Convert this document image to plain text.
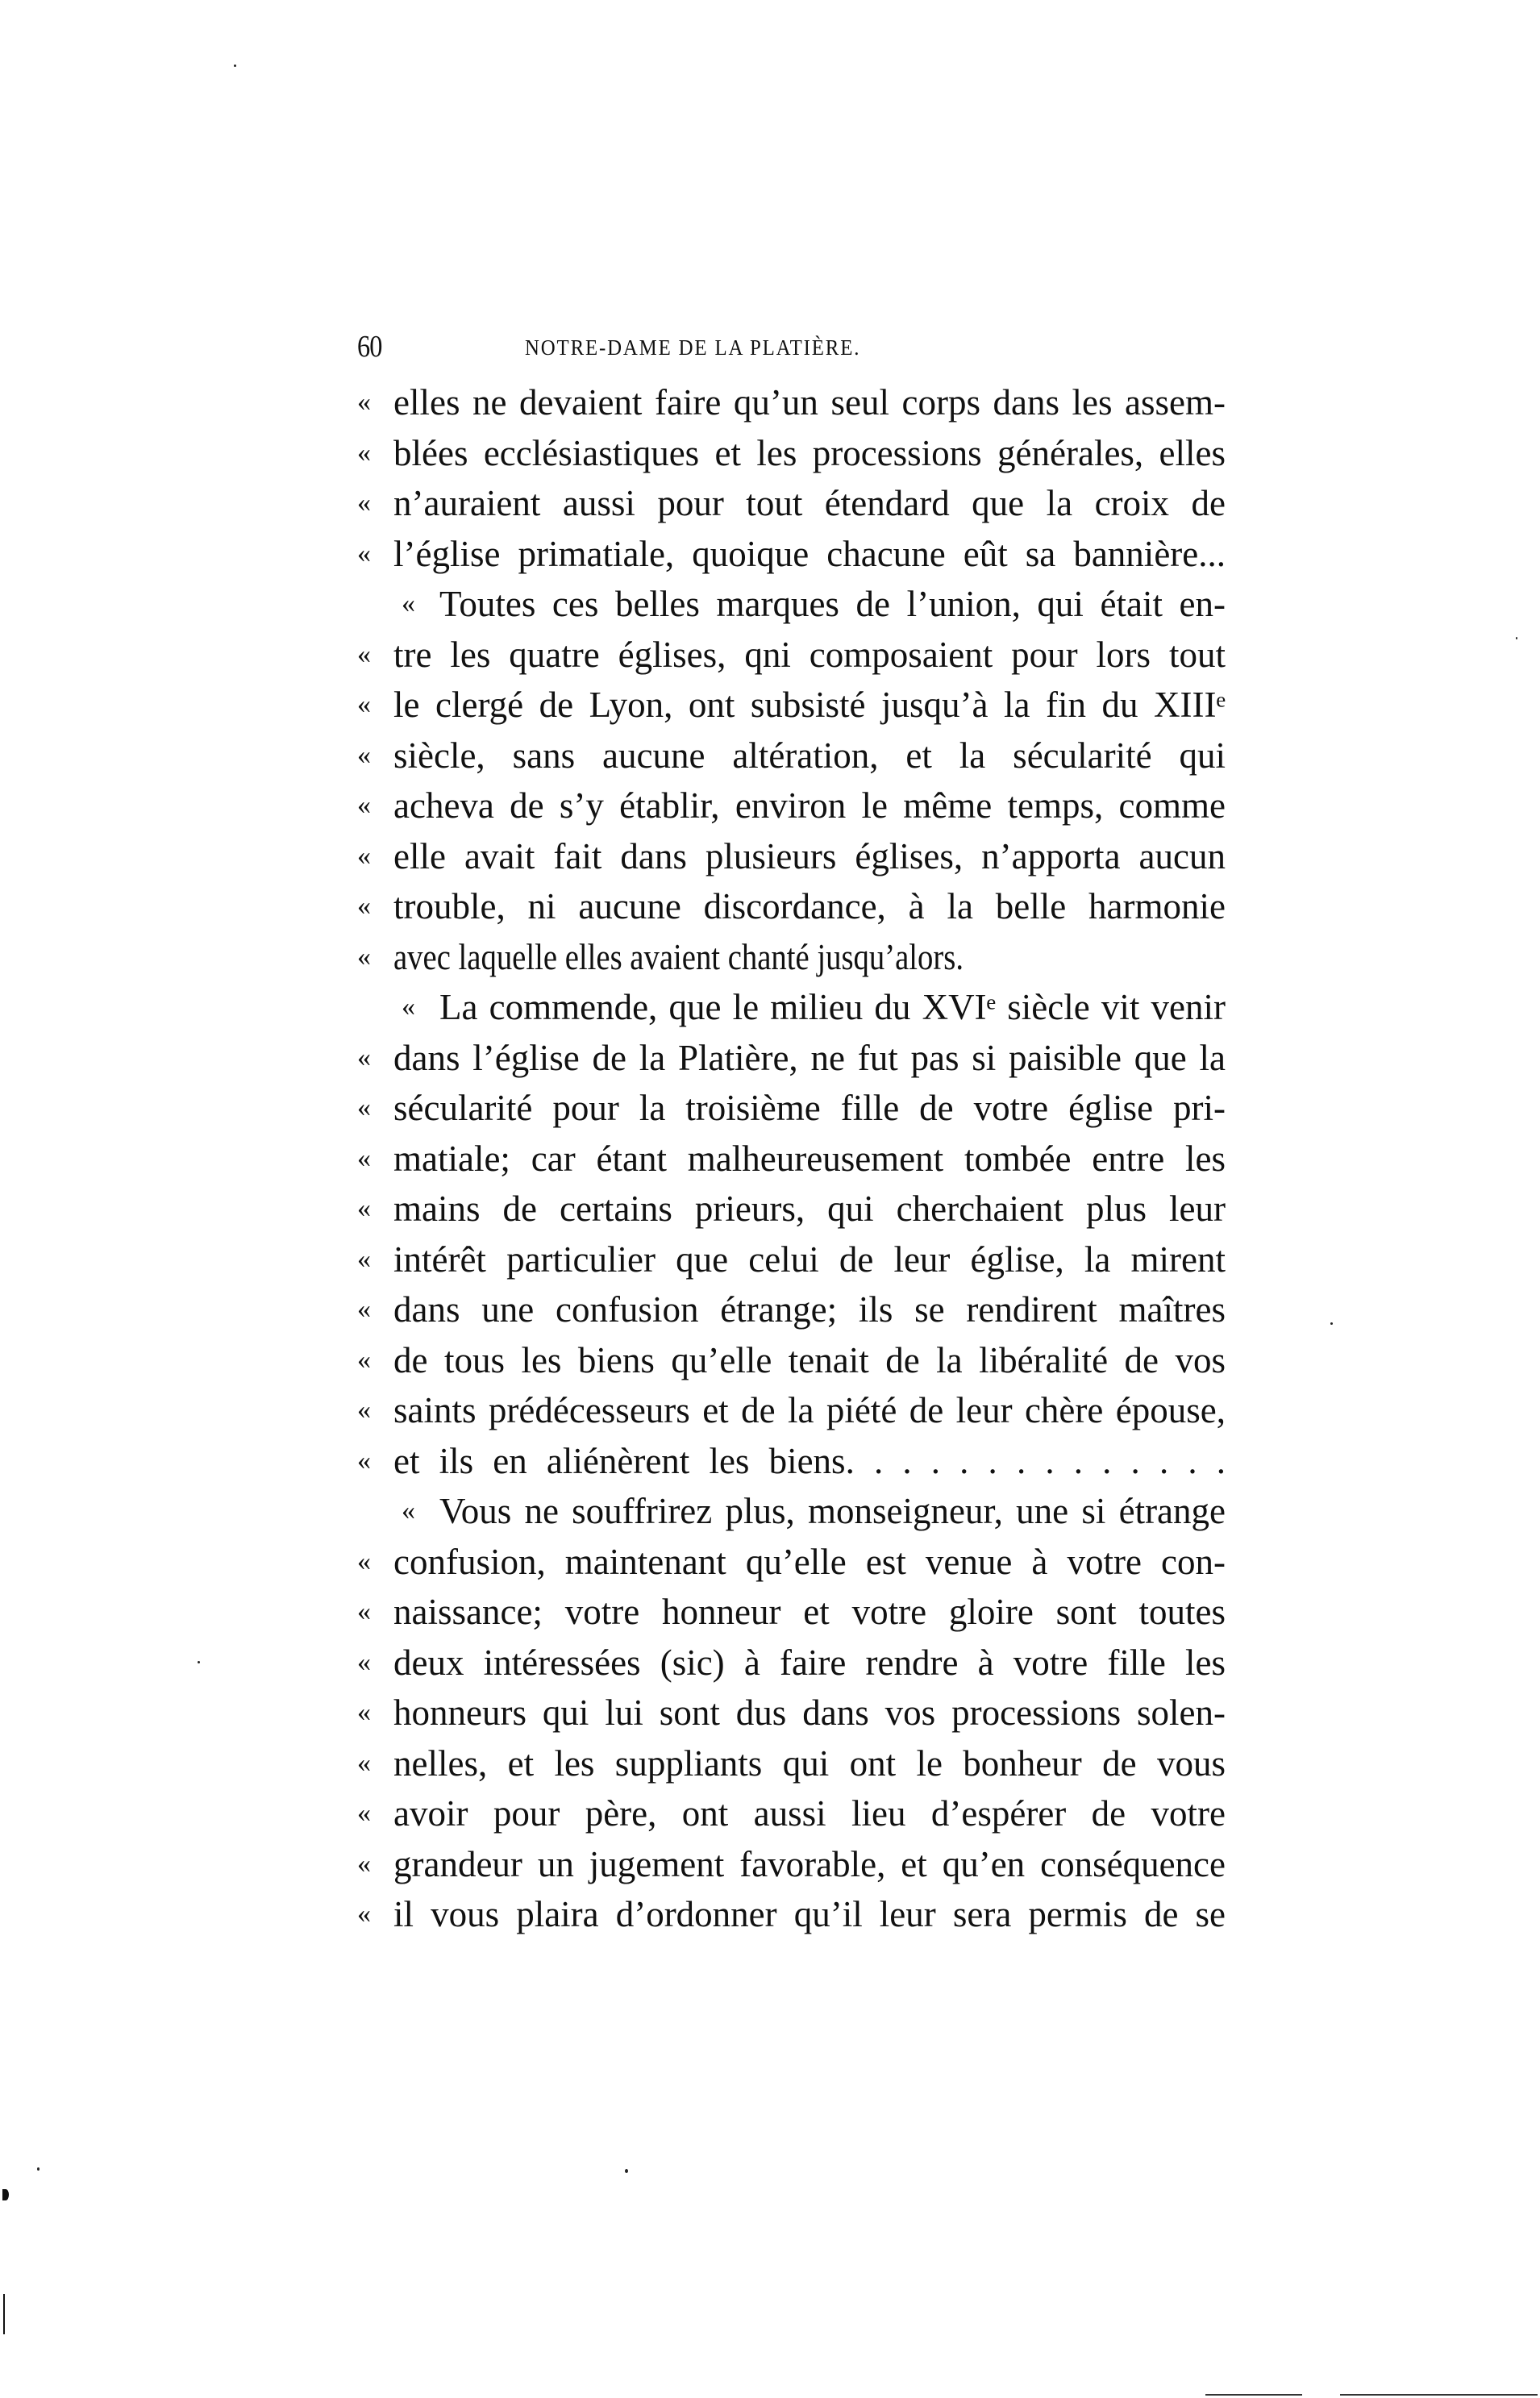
60	NOTRE-DAME DE LA PLATIÈRE.
« elles ne devaient faire qu’un seul corps dans les assem-
« blées ecclésiastiques et les processions générales, elles
« n’auraient aussi pour tout étendard que la croix de
« l’église primatiale, quoique chacune eût sa bannière...
« Toutes ces belles marques de l’union, qui était en-
« tre les quatre églises, qni composaient pour lors tout
« le clergé de Lyon, ont subsisté jusqu’à la fin du XIIIᵉ
« siècle, sans aucune altération, et la sécularité qui
« acheva de s’y établir, environ le même temps, comme
« elle avait fait dans plusieurs églises, n’apporta aucun
« trouble, ni aucune discordance, à la belle harmonie
« avec laquelle elles avaient chanté jusqu’alors.
« La commende, que le milieu du XVIᵉ siècle vit venir
« dans l’église de la Platière, ne fut pas si paisible que la
« sécularité pour la troisième fille de votre église pri-
« matiale; car étant malheureusement tombée entre les
« mains de certains prieurs, qui cherchaient plus leur
« intérêt particulier que celui de leur église, la mirent
« dans une confusion étrange; ils se rendirent maîtres
« de tous les biens qu’elle tenait de la libéralité de vos
« saints prédécesseurs et de la piété de leur chère épouse,
« et ils en aliénèrent les biens. . . . . . . . . . . . . .
« Vous ne souffrirez plus, monseigneur, une si étrange
« confusion, maintenant qu’elle est venue à votre con-
« naissance; votre honneur et votre gloire sont toutes
« deux intéressées (sic) à faire rendre à votre fille les
« honneurs qui lui sont dus dans vos processions solen-
« nelles, et les suppliants qui ont le bonheur de vous
« avoir pour père, ont aussi lieu d’espérer de votre
« grandeur un jugement favorable, et qu’en conséquence
« il vous plaira d’ordonner qu’il leur sera permis de se
